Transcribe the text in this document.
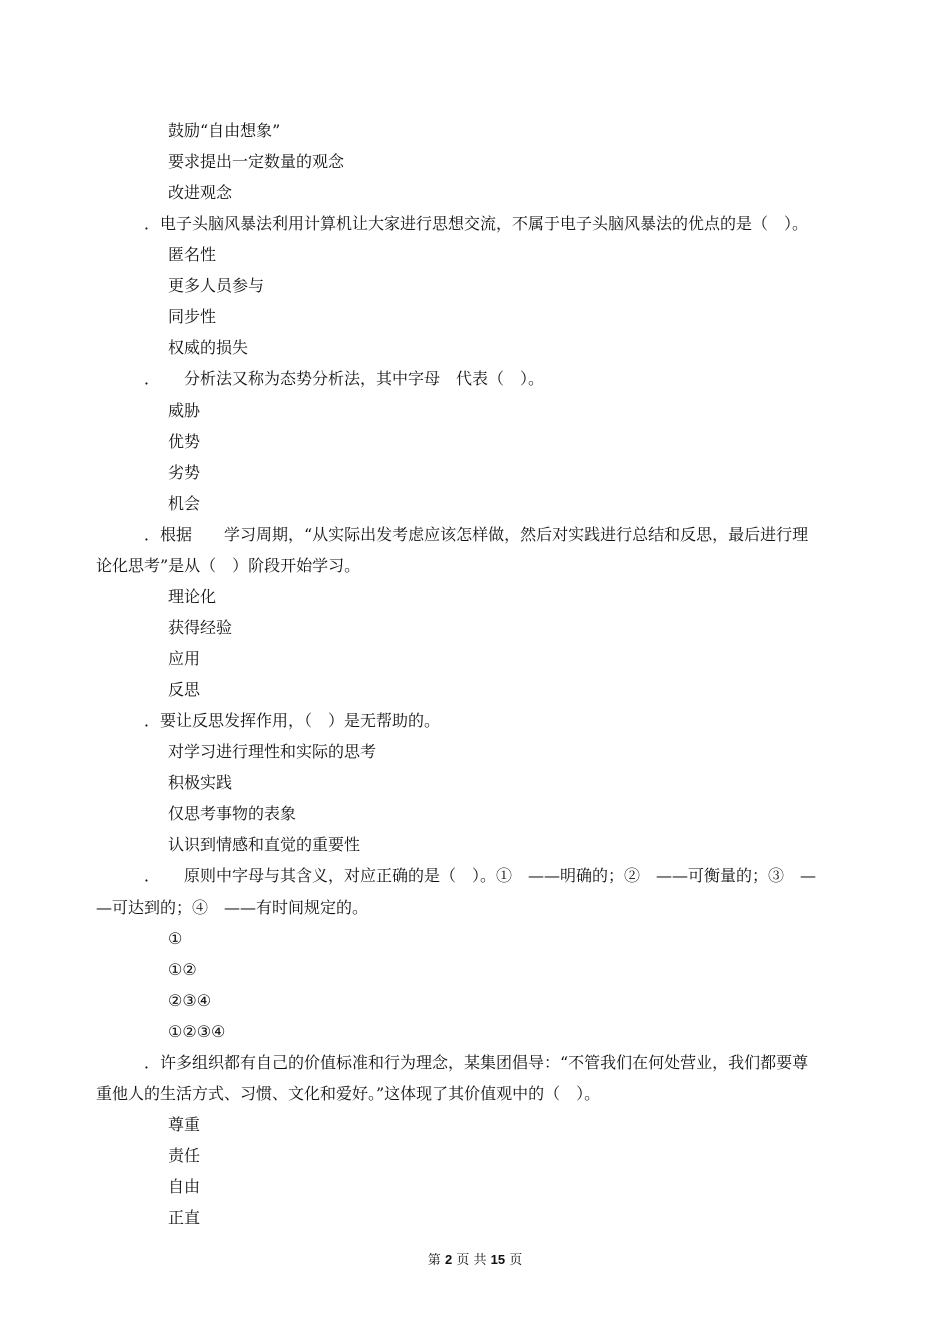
鼓励“自由想象”
要求提出一定数量的观念
改进观念
．电子头脑风暴法利用计算机让大家进行思想交流，不属于电子头脑风暴法的优点的是（　）。
匿名性
更多人员参与
同步性
权威的损失
．　　分析法又称为态势分析法，其中字母　代表（　）。
威胁
优势
劣势
机会
．根据　　学习周期，“从实际出发考虑应该怎样做，然后对实践进行总结和反思，最后进行理
论化思考”是从（　）阶段开始学习。
理论化
获得经验
应用
反思
．要让反思发挥作用，（　）是无帮助的。
对学习进行理性和实际的思考
积极实践
仅思考事物的表象
认识到情感和直觉的重要性
．　　原则中字母与其含义，对应正确的是（　）。①　——明确的；②　——可衡量的；③　—
—可达到的；④　——有时间规定的。
①
①②
②③④
①②③④
．许多组织都有自己的价值标准和行为理念，某集团倡导：“不管我们在何处营业，我们都要尊
重他人的生活方式、习惯、文化和爱好。”这体现了其价值观中的（　）。
尊重
责任
自由
正直
第 2 页 共 15 页
